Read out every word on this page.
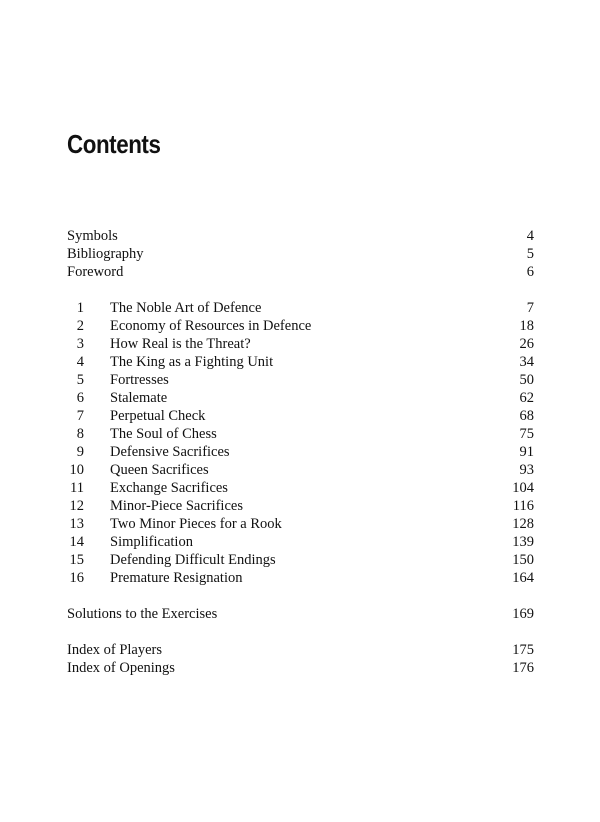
Contents
Symbols	4
Bibliography	5
Foreword	6
1 The Noble Art of Defence	7
2 Economy of Resources in Defence	18
3 How Real is the Threat?	26
4 The King as a Fighting Unit	34
5 Fortresses	50
6 Stalemate	62
7 Perpetual Check	68
8 The Soul of Chess	75
9 Defensive Sacrifices	91
10 Queen Sacrifices	93
11 Exchange Sacrifices	104
12 Minor-Piece Sacrifices	116
13 Two Minor Pieces for a Rook	128
14 Simplification	139
15 Defending Difficult Endings	150
16 Premature Resignation	164
Solutions to the Exercises	169
Index of Players	175
Index of Openings	176
